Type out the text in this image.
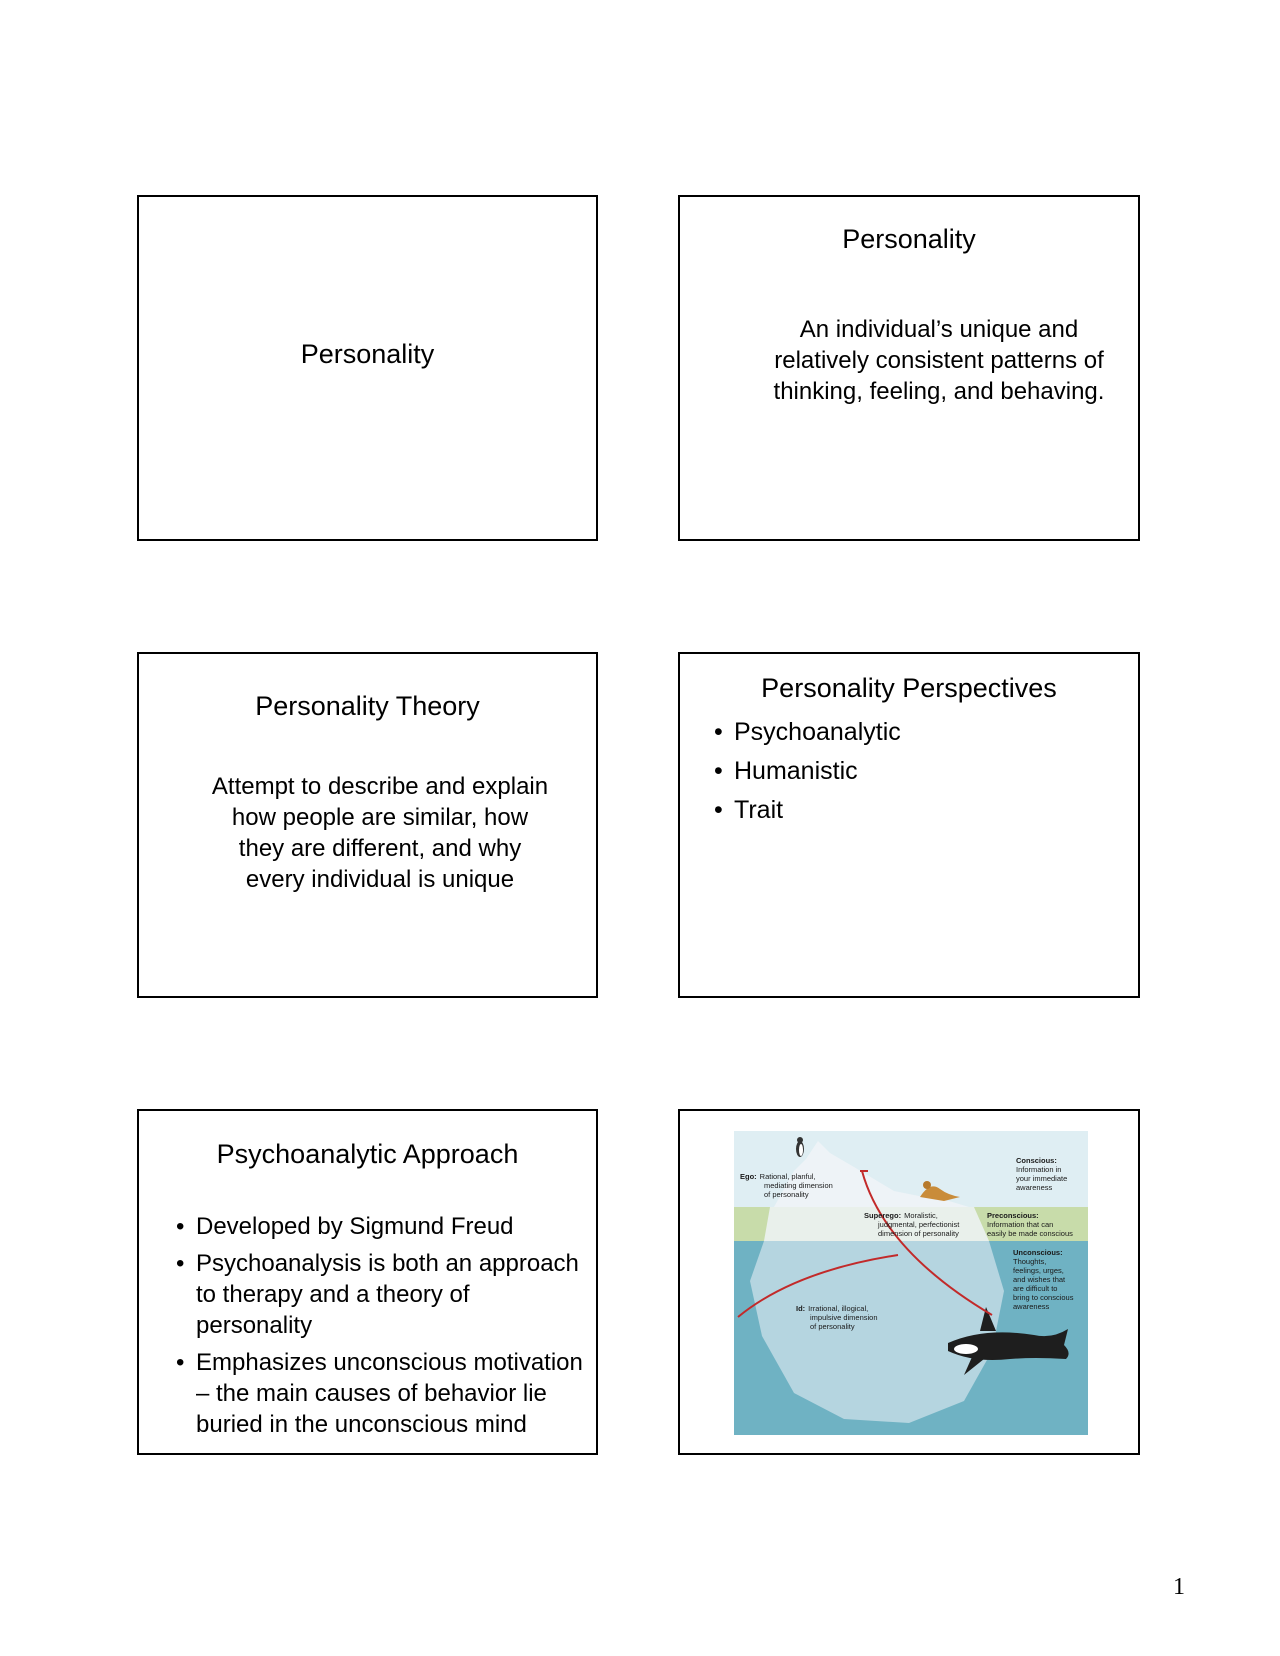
Personality
Personality
An individual’s unique and
relatively consistent patterns of
thinking, feeling, and behaving.
Personality Theory
Attempt to describe and explain
how people are similar, how
they are different, and why
every individual is unique
Personality Perspectives
• Psychoanalytic
• Humanistic
• Trait
Psychoanalytic Approach
• Developed by Sigmund Freud
• Psychoanalysis is both an approach to therapy and a theory of personality
• Emphasizes unconscious motivation – the main causes of behavior lie buried in the unconscious mind
Ego: Rational, planful,
mediating dimension
of personality
Conscious:
Information in
your immediate
awareness
Superego: Moralistic,
judgmental, perfectionist
dimension of personality
Preconscious:
Information that can
easily be made conscious
Unconscious:
Thoughts,
feelings, urges,
and wishes that
are difficult to
bring to conscious
awareness
Id: Irrational, illogical,
impulsive dimension
of personality
1
